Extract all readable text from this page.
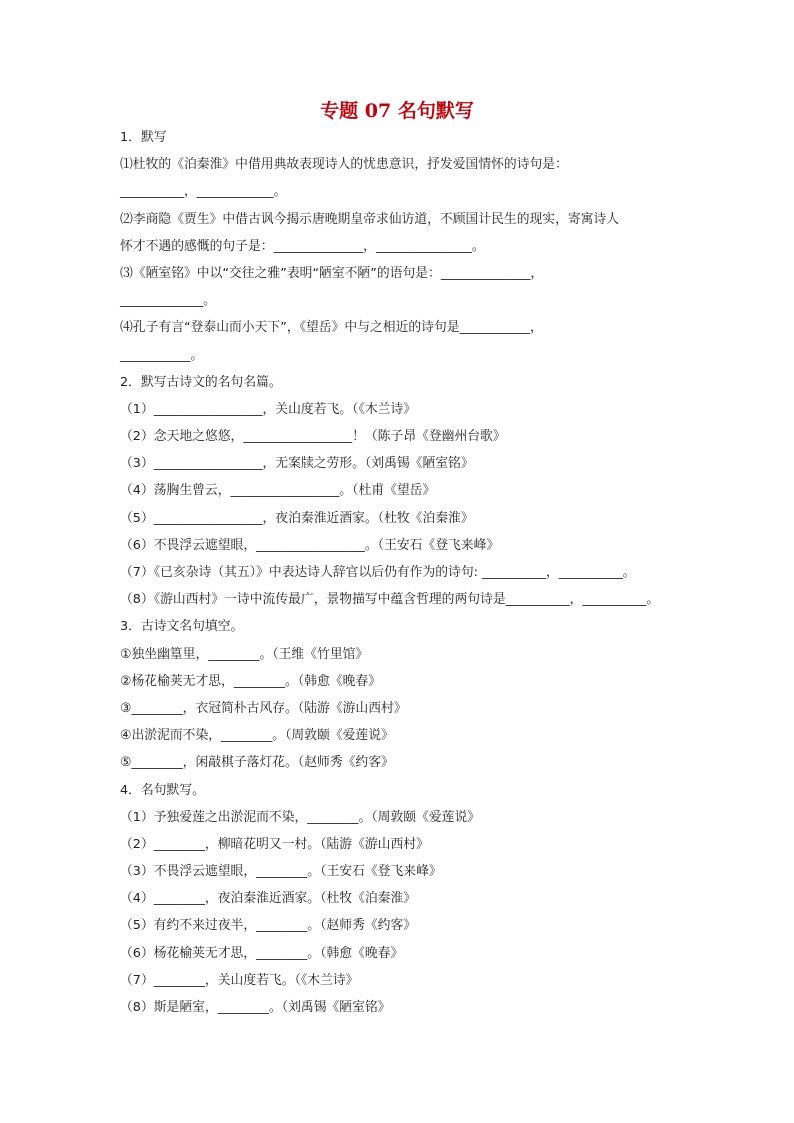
专题 07 名句默写
1．默写
⑴杜牧的《泊秦淮》中借用典故表现诗人的忧患意识，抒发爱国情怀的诗句是：
__________，____________。
⑵李商隐《贾生》中借古讽今揭示唐晚期皇帝求仙访道，不顾国计民生的现实，寄寓诗人
怀才不遇的感慨的句子是：______________，_______________。
⑶《陋室铭》中以“交往之雅”表明“陋室不陋”的语句是：______________，
_____________。
⑷孔子有言“登泰山而小天下”，《望岳》中与之相近的诗句是___________，
___________。
2．默写古诗文的名句名篇。
（1）_________________，关山度若飞。（《木兰诗》
（2）念天地之悠悠，_________________！（陈子昂《登幽州台歌》
（3）_________________，无案牍之劳形。（刘禹锡《陋室铭》
（4）荡胸生曾云，_________________。（杜甫《望岳》
（5）_________________，夜泊秦淮近酒家。（杜牧《泊秦淮》
（6）不畏浮云遮望眼，_________________。（王安石《登飞来峰》
（7）《已亥杂诗（其五）》中表达诗人辞官以后仍有作为的诗句: __________，__________。
（8）《游山西村》一诗中流传最广，景物描写中蕴含哲理的两句诗是__________，__________。
3．古诗文名句填空。
①独坐幽篁里，________。（王维《竹里馆》
②杨花榆荚无才思，________。（韩愈《晚春》
③________，衣冠简朴古风存。（陆游《游山西村》
④出淤泥而不染，________。（周敦颐《爱莲说》
⑤________，闲敲棋子落灯花。（赵师秀《约客》
4．名句默写。
（1）予独爱莲之出淤泥而不染，________。（周敦颐《爱莲说》
（2）________，柳暗花明又一村。（陆游《游山西村》
（3）不畏浮云遮望眼，________。（王安石《登飞来峰》
（4）________，夜泊秦淮近酒家。（杜牧《泊秦淮》
（5）有约不来过夜半，________。（赵师秀《约客》
（6）杨花榆荚无才思，________。（韩愈《晚春》
（7）________，关山度若飞。（《木兰诗》
（8）斯是陋室，________。（刘禹锡《陋室铭》
